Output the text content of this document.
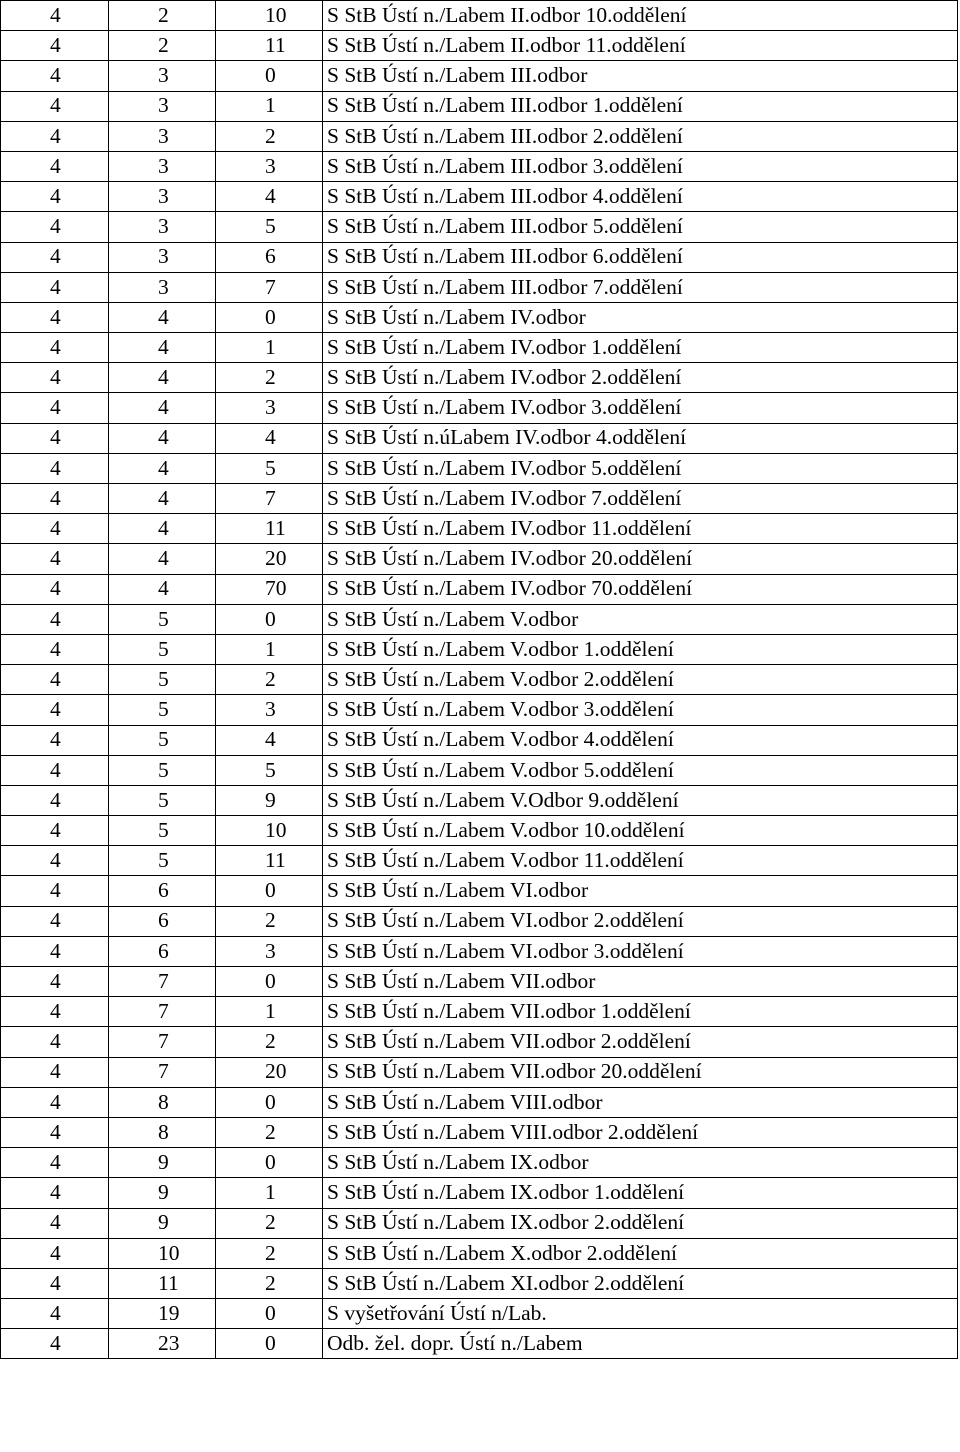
4	2	10	S StB Ústí n./Labem II.odbor 10.oddělení
4	2	11	S StB Ústí n./Labem II.odbor 11.oddělení
4	3	0	S StB Ústí n./Labem III.odbor
4	3	1	S StB Ústí n./Labem III.odbor 1.oddělení
4	3	2	S StB Ústí n./Labem III.odbor 2.oddělení
4	3	3	S StB Ústí n./Labem III.odbor 3.oddělení
4	3	4	S StB Ústí n./Labem III.odbor 4.oddělení
4	3	5	S StB Ústí n./Labem III.odbor 5.oddělení
4	3	6	S StB Ústí n./Labem III.odbor 6.oddělení
4	3	7	S StB Ústí n./Labem III.odbor 7.oddělení
4	4	0	S StB Ústí n./Labem IV.odbor
4	4	1	S StB Ústí n./Labem IV.odbor 1.oddělení
4	4	2	S StB Ústí n./Labem IV.odbor 2.oddělení
4	4	3	S StB Ústí n./Labem IV.odbor 3.oddělení
4	4	4	S StB Ústí n.úLabem IV.odbor 4.oddělení
4	4	5	S StB Ústí n./Labem IV.odbor 5.oddělení
4	4	7	S StB Ústí n./Labem IV.odbor 7.oddělení
4	4	11	S StB Ústí n./Labem IV.odbor 11.oddělení
4	4	20	S StB Ústí n./Labem IV.odbor 20.oddělení
4	4	70	S StB Ústí n./Labem IV.odbor 70.oddělení
4	5	0	S StB Ústí n./Labem V.odbor
4	5	1	S StB Ústí n./Labem V.odbor 1.oddělení
4	5	2	S StB Ústí n./Labem V.odbor 2.oddělení
4	5	3	S StB Ústí n./Labem V.odbor 3.oddělení
4	5	4	S StB Ústí n./Labem V.odbor 4.oddělení
4	5	5	S StB Ústí n./Labem V.odbor 5.oddělení
4	5	9	S StB Ústí n./Labem V.Odbor 9.oddělení
4	5	10	S StB Ústí n./Labem V.odbor 10.oddělení
4	5	11	S StB Ústí n./Labem V.odbor 11.oddělení
4	6	0	S StB Ústí n./Labem VI.odbor
4	6	2	S StB Ústí n./Labem VI.odbor 2.oddělení
4	6	3	S StB Ústí n./Labem VI.odbor 3.oddělení
4	7	0	S StB Ústí n./Labem VII.odbor
4	7	1	S StB Ústí n./Labem VII.odbor 1.oddělení
4	7	2	S StB Ústí n./Labem VII.odbor 2.oddělení
4	7	20	S StB Ústí n./Labem VII.odbor 20.oddělení
4	8	0	S StB Ústí n./Labem VIII.odbor
4	8	2	S StB Ústí n./Labem VIII.odbor 2.oddělení
4	9	0	S StB Ústí n./Labem IX.odbor
4	9	1	S StB Ústí n./Labem IX.odbor 1.oddělení
4	9	2	S StB Ústí n./Labem IX.odbor 2.oddělení
4	10	2	S StB Ústí n./Labem X.odbor 2.oddělení
4	11	2	S StB Ústí n./Labem XI.odbor 2.oddělení
4	19	0	S vyšetřování Ústí n/Lab.
4	23	0	Odb. žel. dopr. Ústí n./Labem
